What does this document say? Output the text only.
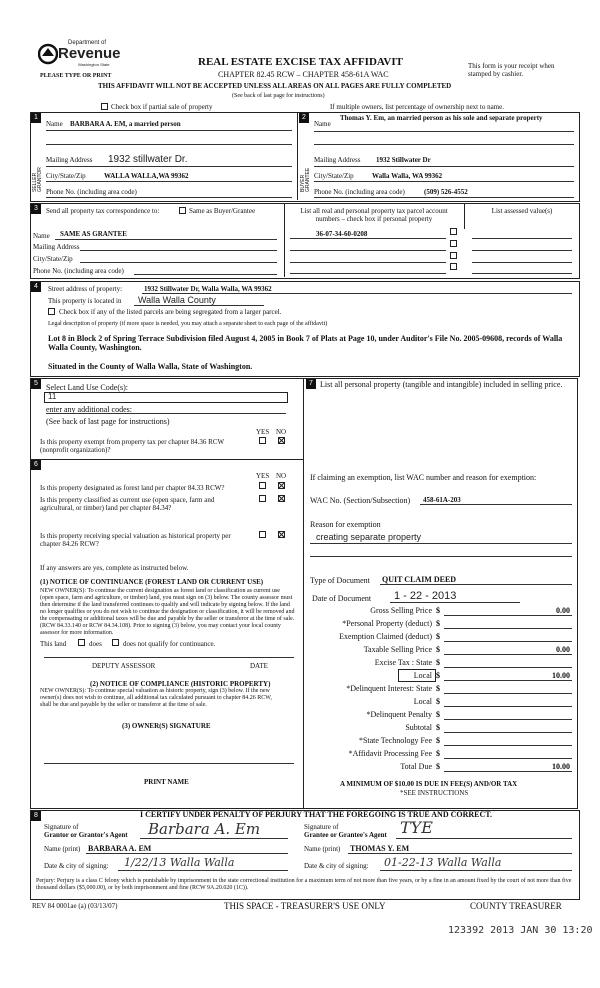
Department of
Revenue
Washington State
PLEASE TYPE OR PRINT
REAL ESTATE EXCISE TAX AFFIDAVIT
CHAPTER 82.45 RCW – CHAPTER 458-61A WAC
THIS AFFIDAVIT WILL NOT BE ACCEPTED UNLESS ALL AREAS ON ALL PAGES ARE FULLY COMPLETED
This form is your receipt when stamped by cashier.
(See back of last page for instructions)
Check box if partial sale of property	If multiple owners, list percentage of ownership next to name.
1
SELLER GRANTOR
Name BARBARA A. EM, a married person
Mailing Address 1932 stillwater Dr.
City/State/Zip	WALLA WALLA,WA 99362
Phone No. (including area code)
2
BUYER GRANTEE
Name
Thomas Y. Em, an married person as his sole and separate property
Mailing Address 1932 Stillwater Dr
City/State/Zip	Walla Walla, WA 99362
Phone No. (including area code)	(509) 526-4552
3	Send all property tax correspondence to:	Same as Buyer/Grantee
Name SAME AS GRANTEE
Mailing Address
City/State/Zip
Phone No. (including area code)
List all real and personal property tax parcel account numbers – check box if personal property
List assessed value(s)
36-07-34-60-0208
4	Street address of property:	1932 Stillwater Dr, Walla Walla, WA 99362
This property is located in Walla Walla County
Check box if any of the listed parcels are being segregated from a larger parcel.
Legal description of property (if more space is needed, you may attach a separate sheet to each page of the affidavit)
Lot 8 in Block 2 of Spring Terrace Subdivision filed August 4, 2005 in Book 7 of Plats at Page 10, under Auditor's File No. 2005-09608, records of Walla Walla County, Washington.
Situated in the County of Walla Walla, State of Washington.
5	Select Land Use Code(s):
11
enter any additional codes:
(See back of last page for instructions)
YES NO
Is this property exempt from property tax per chapter 84.36 RCW (nonprofit organization)?
6
YES NO
Is this property designated as forest land per chapter 84.33 RCW?
Is this property classified as current use (open space, farm and agricultural, or timber) land per chapter 84.34?
Is this property receiving special valuation as historical property per chapter 84.26 RCW?
If any answers are yes, complete as instructed below.
(1) NOTICE OF CONTINUANCE (FOREST LAND OR CURRENT USE)
NEW OWNER(S): To continue the current designation as forest land or classification as current use (open space, farm and agriculture, or timber) land, you must sign on (3) below. The county assessor must then determine if the land transferred continues to qualify and will indicate by signing below. If the land no longer qualifies or you do not wish to continue the designation or classification, it will be removed and the compensating or additional taxes will be due and payable by the seller or transferor at the time of sale. (RCW 84.33.140 or RCW 84.34.108). Prior to signing (3) below, you may contact your local county assessor for more information.
This land	does	does not qualify for continuance.
DEPUTY ASSESSOR	DATE
(2) NOTICE OF COMPLIANCE (HISTORIC PROPERTY)
NEW OWNER(S): To continue special valuation as historic property, sign (3) below. If the new owner(s) does not wish to continue, all additional tax calculated pursuant to chapter 84.26 RCW, shall be due and payable by the seller or transferor at the time of sale.
(3) OWNER(S) SIGNATURE
PRINT NAME
7 List all personal property (tangible and intangible) included in selling price.
If claiming an exemption, list WAC number and reason for exemption:
WAC No. (Section/Subsection) 458-61A-203
Reason for exemption
creating separate property
Type of Document QUIT CLAIM DEED
Date of Document 1 - 22 - 2013
Gross Selling Price $	0.00
*Personal Property (deduct) $
Exemption Claimed (deduct) $
Taxable Selling Price $	0.00
Excise Tax : State $
Local $	10.00
*Delinquent Interest: State $
Local $
*Delinquent Penalty $
Subtotal $
*State Technology Fee $
*Affidavit Processing Fee $
Total Due $	10.00
A MINIMUM OF $10.00 IS DUE IN FEE(S) AND/OR TAX
*SEE INSTRUCTIONS
8	I CERTIFY UNDER PENALTY OF PERJURY THAT THE FOREGOING IS TRUE AND CORRECT.
Signature of
Grantor or Grantor's Agent Barbara A. Em	Signature of
Grantee or Grantee's Agent TYE
Name (print) BARBARA A. EM	Name (print) THOMAS Y. EM
Date & city of signing: 1/22/13 Walla Walla	Date & city of signing: 01-22-13 Walla Walla
Perjury: Perjury is a class C felony which is punishable by imprisonment in the state correctional institution for a maximum term of not more than five years, or by a fine in an amount fixed by the court of not more than five thousand dollars ($5,000.00), or by both imprisonment and fine (RCW 9A.20.020 (1C)).
REV 84 0001ae (a) (03/13/07)	THIS SPACE - TREASURER'S USE ONLY	COUNTY TREASURER
123392 2013 JAN 30 13:20
